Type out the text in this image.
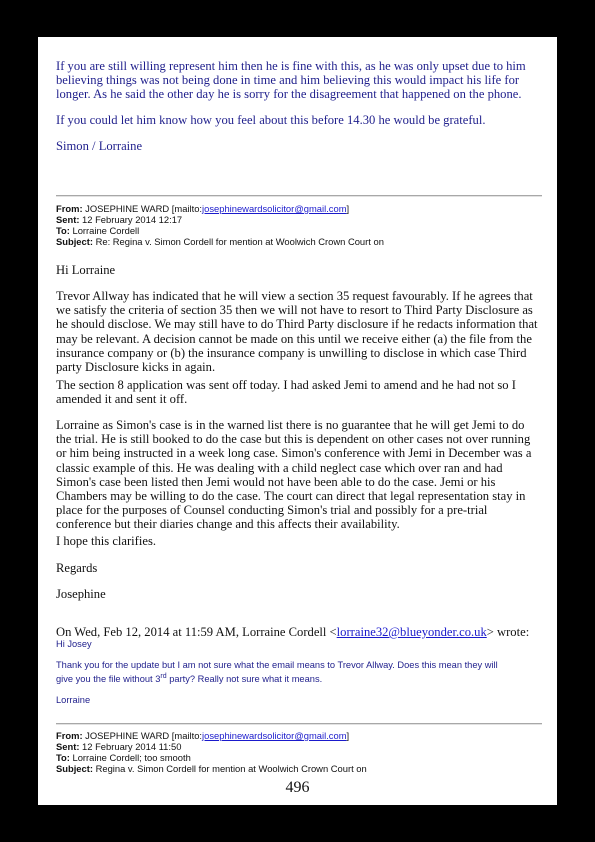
If you are still willing represent him then he is fine with this, as he was only upset due to him believing things was not being done in time and him believing this would impact his life for longer. As he said the other day he is sorry for the disagreement that happened on the phone.

If you could let him know how you feel about this before 14.30 he would be grateful.

Simon / Lorraine

From: JOSEPHINE WARD [mailto:josephinewardsolicitor@gmail.com]
Sent: 12 February 2014 12:17
To: Lorraine Cordell
Subject: Re: Regina v. Simon Cordell for mention at Woolwich Crown Court on

Hi Lorraine

Trevor Allway has indicated that he will view a section 35 request favourably. If he agrees that we satisfy the criteria of section 35 then we will not have to resort to Third Party Disclosure as he should disclose. We may still have to do Third Party disclosure if he redacts information that may be relevant. A decision cannot be made on this until we receive either (a) the file from the insurance company or (b) the insurance company is unwilling to disclose in which case Third party Disclosure kicks in again.

The section 8 application was sent off today. I had asked Jemi to amend and he had not so I amended it and sent it off.

Lorraine as Simon's case is in the warned list there is no guarantee that he will get Jemi to do the trial. He is still booked to do the case but this is dependent on other cases not over running or him being instructed in a week long case. Simon's conference with Jemi in December was a classic example of this. He was dealing with a child neglect case which over ran and had Simon's case been listed then Jemi would not have been able to do the case. Jemi or his Chambers may be willing to do the case. The court can direct that legal representation stay in place for the purposes of Counsel conducting Simon's trial and possibly for a pre-trial conference but their diaries change and this affects their availability.

I hope this clarifies.

Regards

Josephine

On Wed, Feb 12, 2014 at 11:59 AM, Lorraine Cordell <lorraine32@blueyonder.co.uk> wrote:

Hi Josey
Thank you for the update but I am not sure what the email means to Trevor Allway. Does this mean they will
give you the file without 3rd party? Really not sure what it means.
Lorraine
From: JOSEPHINE WARD [mailto:josephinewardsolicitor@gmail.com]
Sent: 12 February 2014 11:50
To: Lorraine Cordell; too smooth
Subject: Regina v. Simon Cordell for mention at Woolwich Crown Court on
496
